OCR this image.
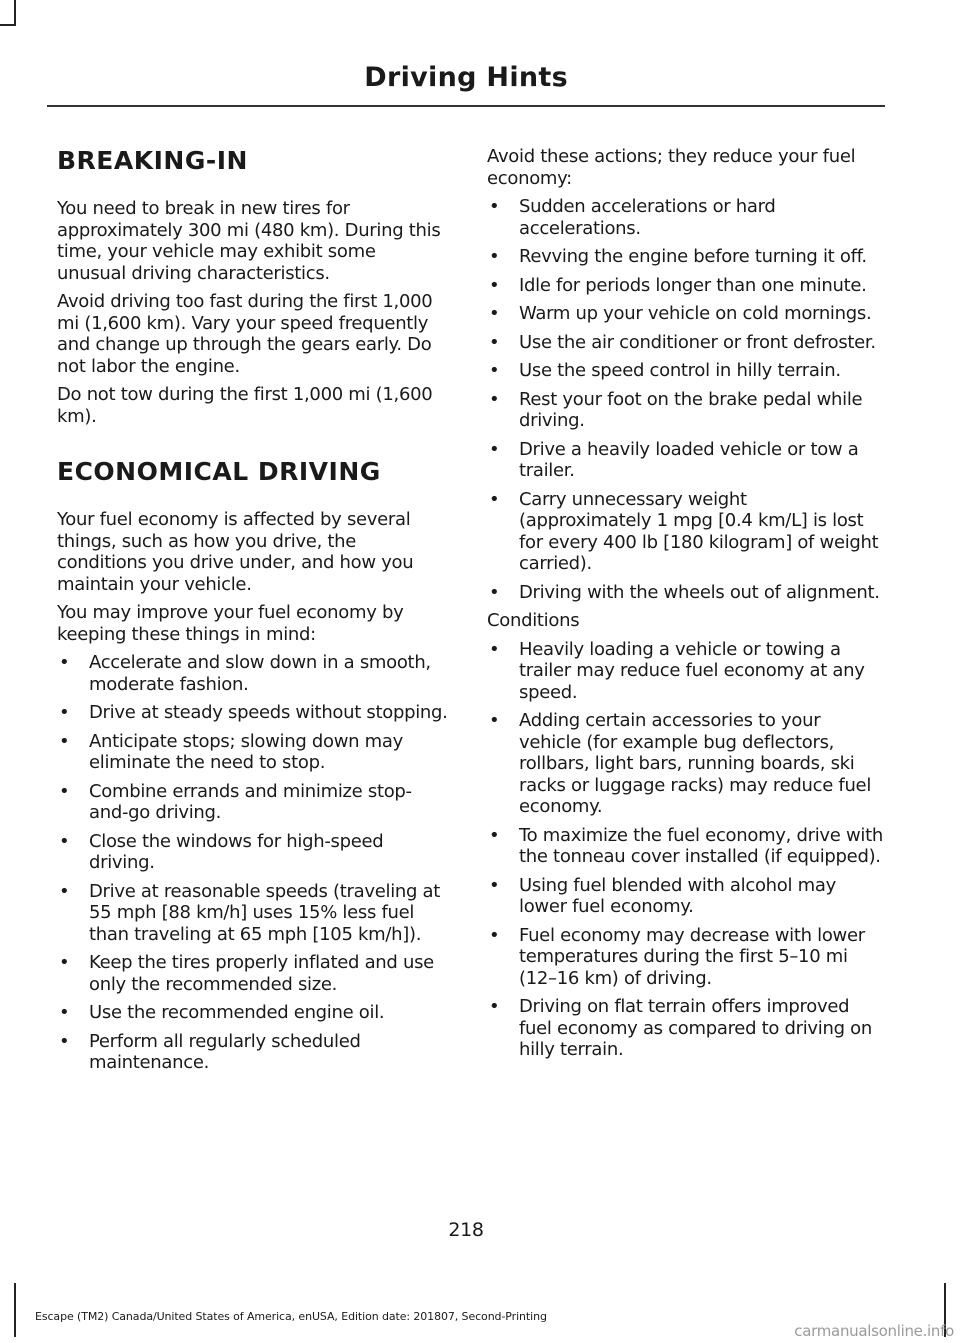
Driving Hints
BREAKING-IN

You need to break in new tires for approximately 300 mi (480 km). During this time, your vehicle may exhibit some unusual driving characteristics.

Avoid driving too fast during the first 1,000 mi (1,600 km). Vary your speed frequently and change up through the gears early. Do not labor the engine.

Do not tow during the first 1,000 mi (1,600 km).

ECONOMICAL DRIVING

Your fuel economy is affected by several things, such as how you drive, the conditions you drive under, and how you maintain your vehicle.

You may improve your fuel economy by keeping these things in mind:

• Accelerate and slow down in a smooth, moderate fashion.
• Drive at steady speeds without stopping.
• Anticipate stops; slowing down may eliminate the need to stop.
• Combine errands and minimize stop-and-go driving.
• Close the windows for high-speed driving.
• Drive at reasonable speeds (traveling at 55 mph [88 km/h] uses 15% less fuel than traveling at 65 mph [105 km/h]).
• Keep the tires properly inflated and use only the recommended size.
• Use the recommended engine oil.
• Perform all regularly scheduled maintenance.

Avoid these actions; they reduce your fuel economy:

• Sudden accelerations or hard accelerations.
• Revving the engine before turning it off.
• Idle for periods longer than one minute.
• Warm up your vehicle on cold mornings.
• Use the air conditioner or front defroster.
• Use the speed control in hilly terrain.
• Rest your foot on the brake pedal while driving.
• Drive a heavily loaded vehicle or tow a trailer.
• Carry unnecessary weight (approximately 1 mpg [0.4 km/L] is lost for every 400 lb [180 kilogram] of weight carried).
• Driving with the wheels out of alignment.

Conditions

• Heavily loading a vehicle or towing a trailer may reduce fuel economy at any speed.
• Adding certain accessories to your vehicle (for example bug deflectors, rollbars, light bars, running boards, ski racks or luggage racks) may reduce fuel economy.
• To maximize the fuel economy, drive with the tonneau cover installed (if equipped).
• Using fuel blended with alcohol may lower fuel economy.
• Fuel economy may decrease with lower temperatures during the first 5–10 mi (12–16 km) of driving.
• Driving on flat terrain offers improved fuel economy as compared to driving on hilly terrain.

218

Escape (TM2) Canada/United States of America, enUSA, Edition date: 201807, Second-Printing

carmanualsonline.info
